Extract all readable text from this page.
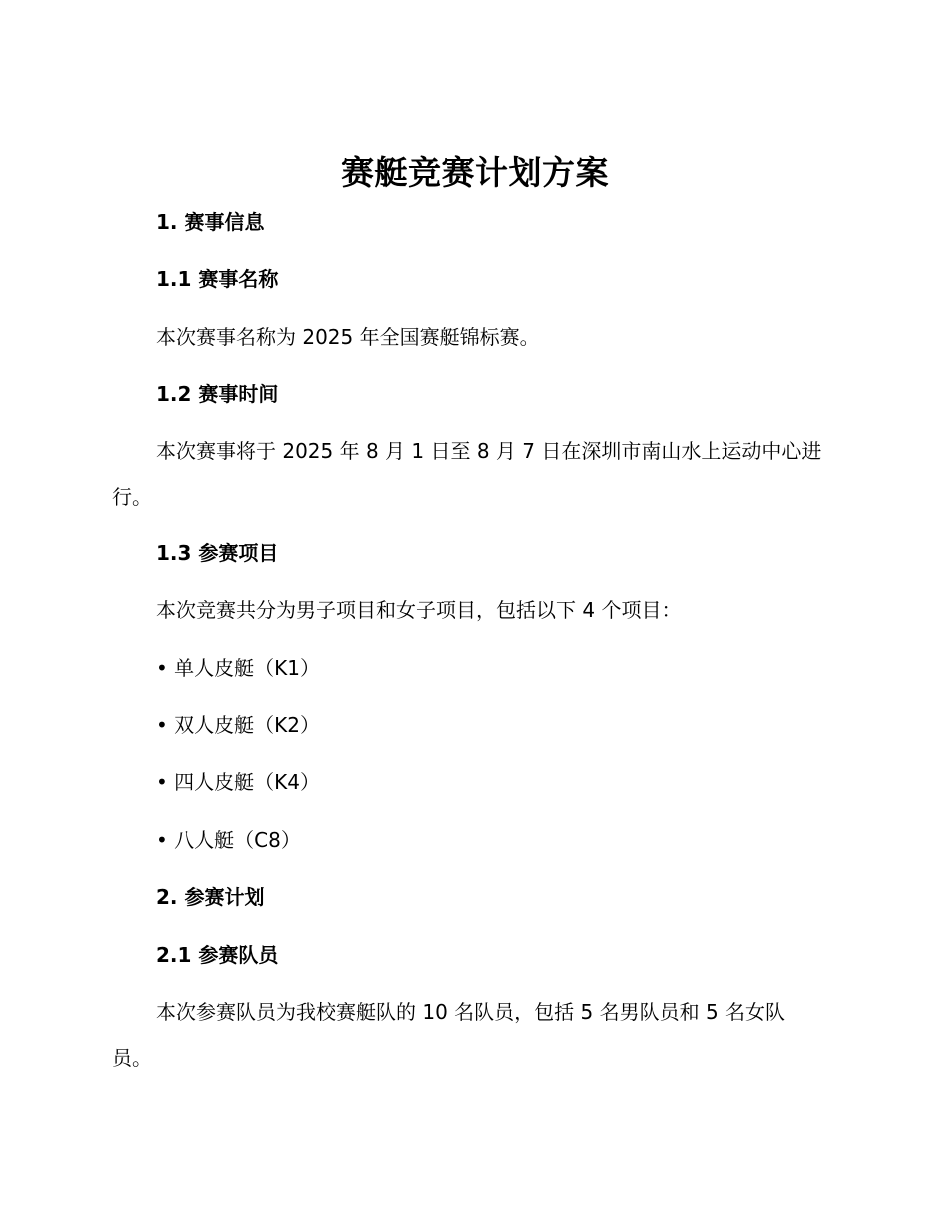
赛艇竞赛计划方案
1. 赛事信息
1.1 赛事名称
本次赛事名称为 2025 年全国赛艇锦标赛。
1.2 赛事时间
本次赛事将于 2025 年 8 月 1 日至 8 月 7 日在深圳市南山水上运动中心进行。
1.3 参赛项目
本次竞赛共分为男子项目和女子项目，包括以下 4 个项目：
• 单人皮艇（K1）
• 双人皮艇（K2）
• 四人皮艇（K4）
• 八人艇（C8）
2. 参赛计划
2.1 参赛队员
本次参赛队员为我校赛艇队的 10 名队员，包括 5 名男队员和 5 名女队员。
